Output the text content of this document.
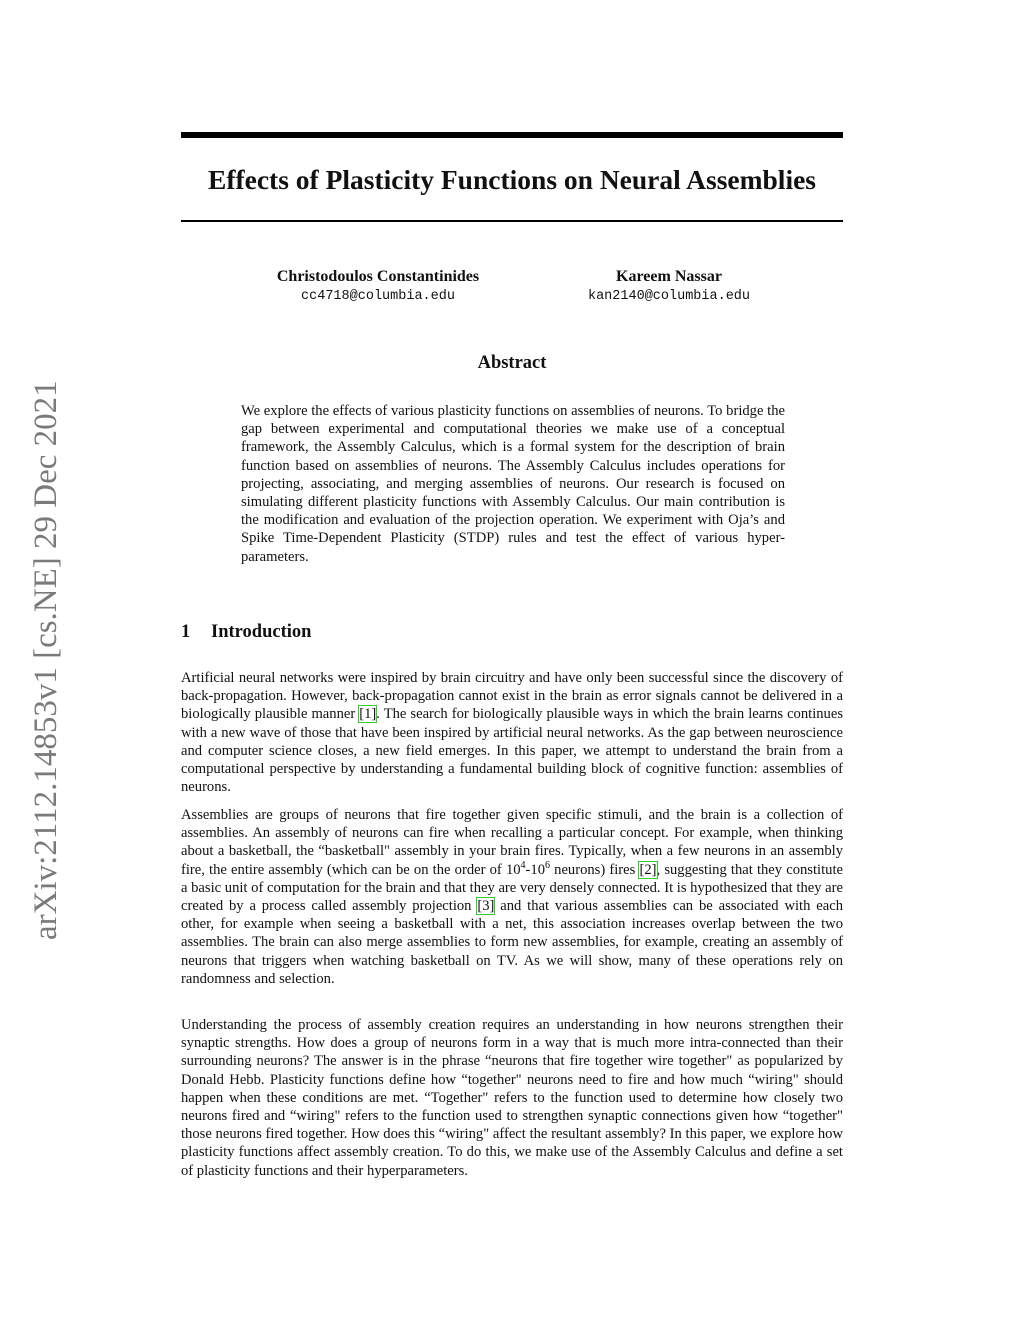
arXiv:2112.14853v1 [cs.NE] 29 Dec 2021
Effects of Plasticity Functions on Neural Assemblies
Christodoulos Constantinides
cc4718@columbia.edu
Kareem Nassar
kan2140@columbia.edu
Abstract

We explore the effects of various plasticity functions on assemblies of neurons. To bridge the gap between experimental and computational theories we make use of a conceptual framework, the Assembly Calculus, which is a formal system for the description of brain function based on assemblies of neurons. The Assembly Calculus includes operations for projecting, associating, and merging assemblies of neurons. Our research is focused on simulating different plasticity functions with Assembly Calculus. Our main contribution is the modification and evaluation of the projection operation. We experiment with Oja’s and Spike Time-Dependent Plasticity (STDP) rules and test the effect of various hyper-parameters.

1 Introduction

Artificial neural networks were inspired by brain circuitry and have only been successful since the discovery of back-propagation. However, back-propagation cannot exist in the brain as error signals cannot be delivered in a biologically plausible manner [1]. The search for biologically plausible ways in which the brain learns continues with a new wave of those that have been inspired by artificial neural networks. As the gap between neuroscience and computer science closes, a new field emerges. In this paper, we attempt to understand the brain from a computational perspective by understanding a fundamental building block of cognitive function: assemblies of neurons.

Assemblies are groups of neurons that fire together given specific stimuli, and the brain is a collection of assemblies. An assembly of neurons can fire when recalling a particular concept. For example, when thinking about a basketball, the “basketball" assembly in your brain fires. Typically, when a few neurons in an assembly fire, the entire assembly (which can be on the order of $10^4-10^6$ neurons) fires [2], suggesting that they constitute a basic unit of computation for the brain and that they are very densely connected. It is hypothesized that they are created by a process called assembly projection [3] and that various assemblies can be associated with each other, for example when seeing a basketball with a net, this association increases overlap between the two assemblies. The brain can also merge assemblies to form new assemblies, for example, creating an assembly of neurons that triggers when watching basketball on TV. As we will show, many of these operations rely on randomness and selection.

Understanding the process of assembly creation requires an understanding in how neurons strengthen their synaptic strengths. How does a group of neurons form in a way that is much more intra-connected than their surrounding neurons? The answer is in the phrase “neurons that fire together wire together" as popularized by Donald Hebb. Plasticity functions define how “together" neurons need to fire and how much “wiring" should happen when these conditions are met. “Together" refers to the function used to determine how closely two neurons fired and “wiring" refers to the function used to strengthen synaptic connections given how “together" those neurons fired together. How does this “wiring" affect the resultant assembly? In this paper, we explore how plasticity functions affect assembly creation. To do this, we make use of the Assembly Calculus and define a set of plasticity functions and their hyperparameters.
